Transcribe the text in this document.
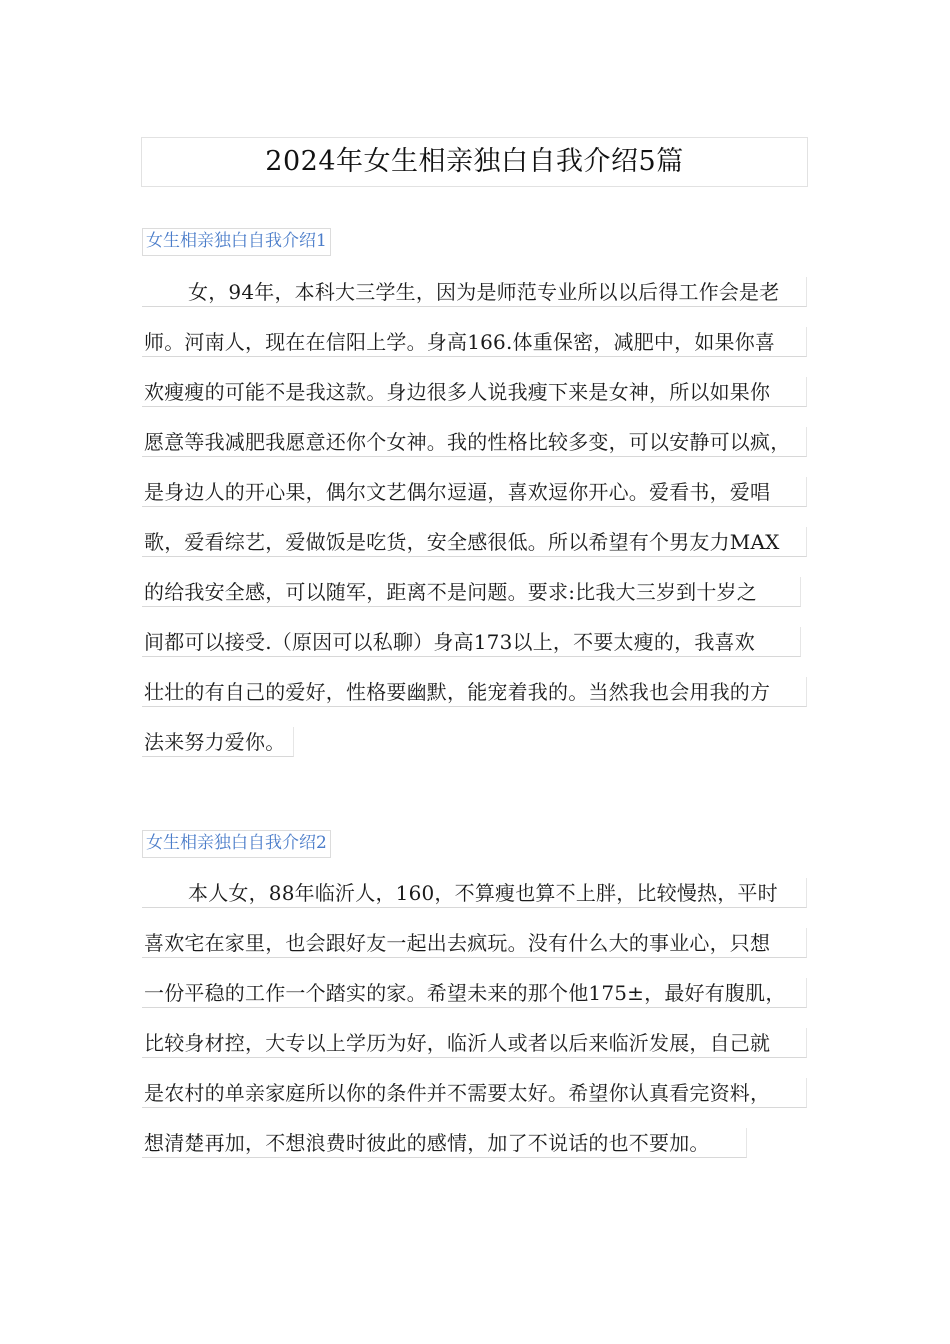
2024年女生相亲独白自我介绍5篇
女生相亲独白自我介绍1
女，94年，本科大三学生，因为是师范专业所以以后得工作会是老
师。河南人，现在在信阳上学。身高166.体重保密，减肥中，如果你喜
欢瘦瘦的可能不是我这款。身边很多人说我瘦下来是女神，所以如果你
愿意等我减肥我愿意还你个女神。我的性格比较多变，可以安静可以疯，
是身边人的开心果，偶尔文艺偶尔逗逼，喜欢逗你开心。爱看书，爱唱
歌，爱看综艺，爱做饭是吃货，安全感很低。所以希望有个男友力MAX
的给我安全感，可以随军，距离不是问题。要求:比我大三岁到十岁之
间都可以接受.（原因可以私聊）身高173以上，不要太瘦的，我喜欢
壮壮的有自己的爱好，性格要幽默，能宠着我的。当然我也会用我的方
法来努力爱你。
女生相亲独白自我介绍2
本人女，88年临沂人，160，不算瘦也算不上胖，比较慢热，平时
喜欢宅在家里，也会跟好友一起出去疯玩。没有什么大的事业心，只想
一份平稳的工作一个踏实的家。希望未来的那个他175±，最好有腹肌，
比较身材控，大专以上学历为好，临沂人或者以后来临沂发展，自己就
是农村的单亲家庭所以你的条件并不需要太好。希望你认真看完资料，
想清楚再加，不想浪费时彼此的感情，加了不说话的也不要加。
